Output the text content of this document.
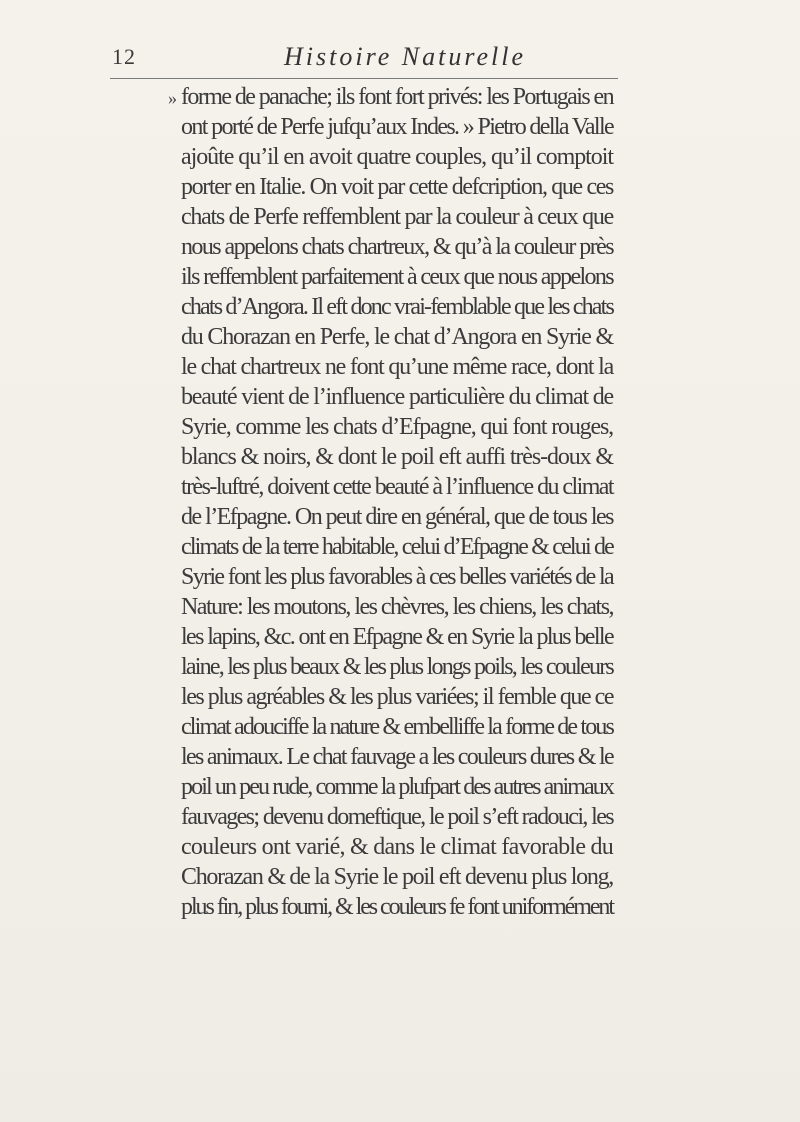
12	Histoire Naturelle
» forme de panache; ils font fort privés: les Portugais en
ont porté de Perfe jufqu’aux Indes. » Pietro della Valle
ajoûte qu’il en avoit quatre couples, qu’il comptoit
porter en Italie. On voit par cette defcription, que ces
chats de Perfe reffemblent par la couleur à ceux que
nous appelons chats chartreux, & qu’à la couleur près
ils reffemblent parfaitement à ceux que nous appelons
chats d’Angora. Il eft donc vrai-femblable que les chats
du Chorazan en Perfe, le chat d’Angora en Syrie &
le chat chartreux ne font qu’une même race, dont la
beauté vient de l’influence particulière du climat de
Syrie, comme les chats d’Efpagne, qui font rouges,
blancs & noirs, & dont le poil eft auffi très-doux &
très-luftré, doivent cette beauté à l’influence du climat
de l’Efpagne. On peut dire en général, que de tous les
climats de la terre habitable, celui d’Efpagne & celui de
Syrie font les plus favorables à ces belles variétés de la
Nature: les moutons, les chèvres, les chiens, les chats,
les lapins, &c. ont en Efpagne & en Syrie la plus belle
laine, les plus beaux & les plus longs poils, les couleurs
les plus agréables & les plus variées; il femble que ce
climat adouciffe la nature & embelliffe la forme de tous
les animaux. Le chat fauvage a les couleurs dures & le
poil un peu rude, comme la plufpart des autres animaux
fauvages; devenu domeftique, le poil s’eft radouci, les
couleurs ont varié, & dans le climat favorable du
Chorazan & de la Syrie le poil eft devenu plus long,
plus fin, plus fourni, & les couleurs fe font uniformément
